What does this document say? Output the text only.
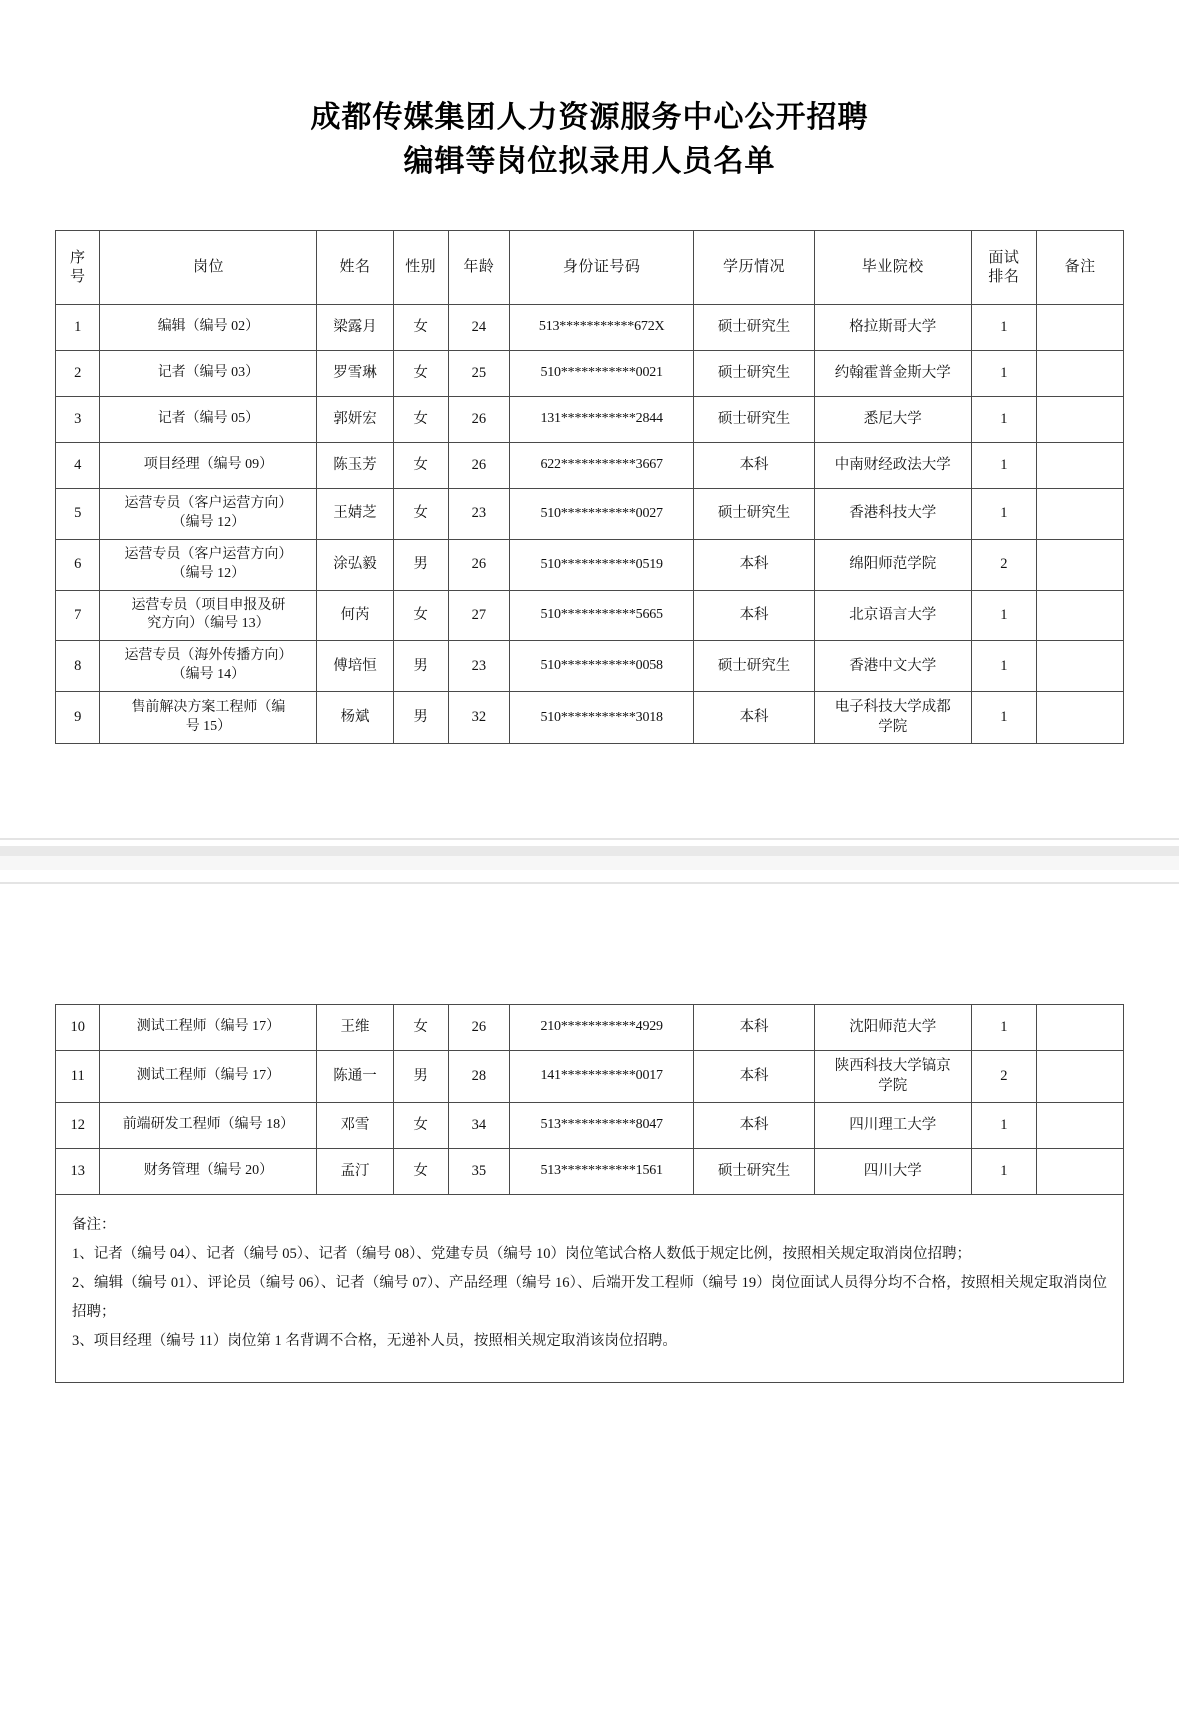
成都传媒集团人力资源服务中心公开招聘
编辑等岗位拟录用人员名单
序
号	岗位	姓名	性别	年龄	身份证号码	学历情况	毕业院校	面试
排名	备注
1	编辑（编号 02）	梁露月	女	24	513***********672X	硕士研究生	格拉斯哥大学	1	
2	记者（编号 03）	罗雪琳	女	25	510***********0021	硕士研究生	约翰霍普金斯大学	1	
3	记者（编号 05）	郭妍宏	女	26	131***********2844	硕士研究生	悉尼大学	1	
4	项目经理（编号 09）	陈玉芳	女	26	622***********3667	本科	中南财经政法大学	1	
5	运营专员（客户运营方向）
（编号 12）	王婧芝	女	23	510***********0027	硕士研究生	香港科技大学	1	
6	运营专员（客户运营方向）
（编号 12）	涂弘毅	男	26	510***********0519	本科	绵阳师范学院	2	
7	运营专员（项目申报及研
究方向）（编号 13）	何芮	女	27	510***********5665	本科	北京语言大学	1	
8	运营专员（海外传播方向）
（编号 14）	傅培恒	男	23	510***********0058	硕士研究生	香港中文大学	1	
9	售前解决方案工程师（编
号 15）	杨斌	男	32	510***********3018	本科	电子科技大学成都
学院	1	
10	测试工程师（编号 17）	王维	女	26	210***********4929	本科	沈阳师范大学	1	
11	测试工程师（编号 17）	陈通一	男	28	141***********0017	本科	陕西科技大学镐京
学院	2	
12	前端研发工程师（编号 18）	邓雪	女	34	513***********8047	本科	四川理工大学	1	
13	财务管理（编号 20）	孟汀	女	35	513***********1561	硕士研究生	四川大学	1	
备注：
1、记者（编号 04）、记者（编号 05）、记者（编号 08）、党建专员（编号 10）岗位笔试合格人数低于规定比例，按照相关规定取消岗位招聘；
2、编辑（编号 01）、评论员（编号 06）、记者（编号 07）、产品经理（编号 16）、后端开发工程师（编号 19）岗位面试人员得分均不合格，按照相关规定取消岗位招聘；
3、项目经理（编号 11）岗位第 1 名背调不合格，无递补人员，按照相关规定取消该岗位招聘。
